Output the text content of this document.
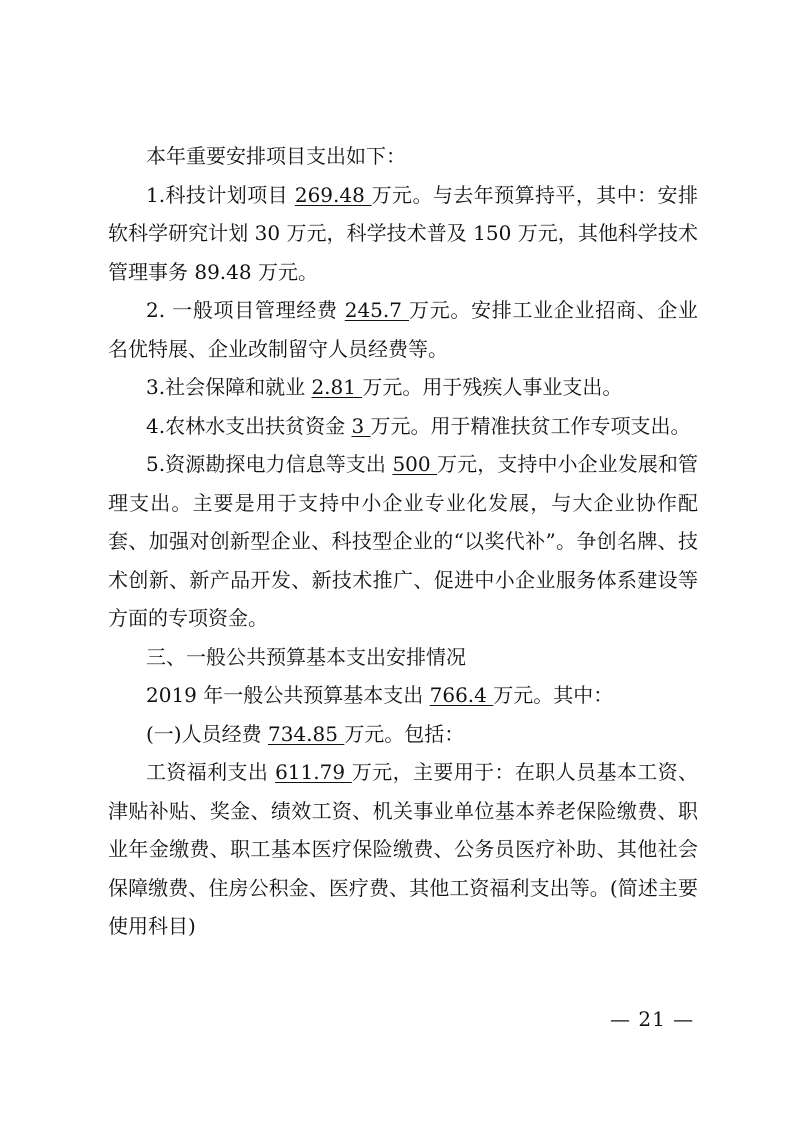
本年重要安排项目支出如下：

1.科技计划项目 269.48 万元。与去年预算持平，其中：安排软科学研究计划 30 万元，科学技术普及 150 万元，其他科学技术管理事务 89.48 万元。

2. 一般项目管理经费 245.7 万元。安排工业企业招商、企业名优特展、企业改制留守人员经费等。

3.社会保障和就业 2.81 万元。用于残疾人事业支出。

4.农林水支出扶贫资金 3 万元。用于精准扶贫工作专项支出。

5.资源勘探电力信息等支出 500 万元，支持中小企业发展和管理支出。主要是用于支持中小企业专业化发展，与大企业协作配套、加强对创新型企业、科技型企业的“以奖代补”。争创名牌、技术创新、新产品开发、新技术推广、促进中小企业服务体系建设等方面的专项资金。

三、一般公共预算基本支出安排情况

2019 年一般公共预算基本支出 766.4 万元。其中：

(一)人员经费 734.85 万元。包括：

工资福利支出 611.79 万元，主要用于：在职人员基本工资、津贴补贴、奖金、绩效工资、机关事业单位基本养老保险缴费、职业年金缴费、职工基本医疗保险缴费、公务员医疗补助、其他社会保障缴费、住房公积金、医疗费、其他工资福利支出等。(简述主要使用科目)

— 21 —
